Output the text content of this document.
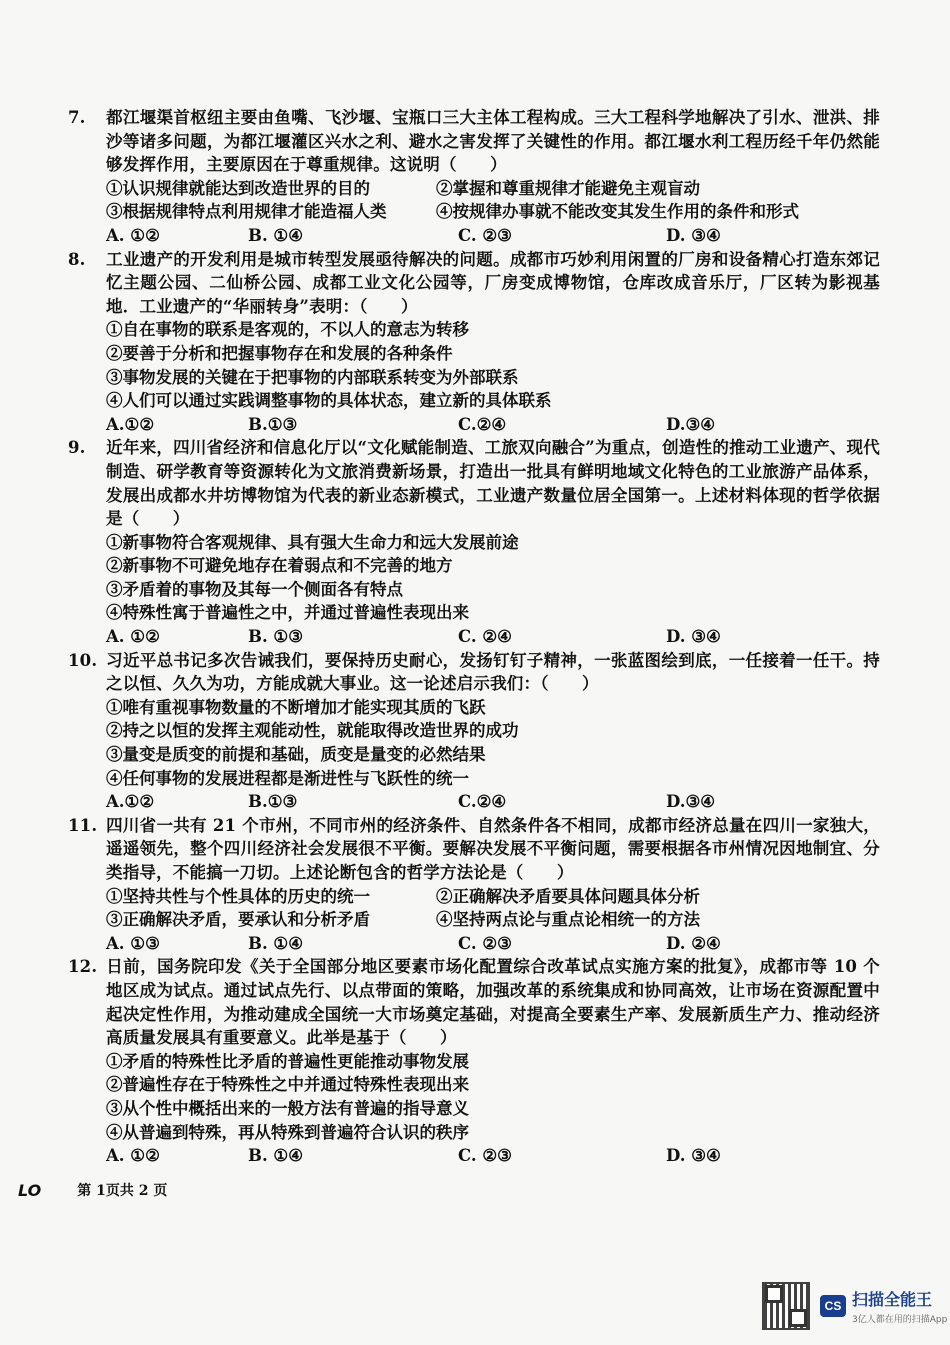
7. 都江堰渠首枢纽主要由鱼嘴、飞沙堰、宝瓶口三大主体工程构成。三大工程科学地解决了引水、泄洪、排沙等诸多问题，为都江堰灌区兴水之利、避水之害发挥了关键性的作用。都江堰水利工程历经千年仍然能够发挥作用，主要原因在于尊重规律。这说明（　　）
①认识规律就能达到改造世界的目的	②掌握和尊重规律才能避免主观盲动
③根据规律特点利用规律才能造福人类	④按规律办事就不能改变其发生作用的条件和形式
A. ①②	B. ①④	C. ②③	D. ③④
8. 工业遗产的开发利用是城市转型发展亟待解决的问题。成都市巧妙利用闲置的厂房和设备精心打造东郊记忆主题公园、二仙桥公园、成都工业文化公园等，厂房变成博物馆，仓库改成音乐厅，厂区转为影视基地．工业遗产的“华丽转身”表明：（　　）
①自在事物的联系是客观的，不以人的意志为转移
②要善于分析和把握事物存在和发展的各种条件
③事物发展的关键在于把事物的内部联系转变为外部联系
④人们可以通过实践调整事物的具体状态，建立新的具体联系
A.①②	B.①③	C.②④	D.③④
9. 近年来，四川省经济和信息化厅以“文化赋能制造、工旅双向融合”为重点，创造性的推动工业遗产、现代制造、研学教育等资源转化为文旅消费新场景，打造出一批具有鲜明地域文化特色的工业旅游产品体系，发展出成都水井坊博物馆为代表的新业态新模式，工业遗产数量位居全国第一。上述材料体现的哲学依据是（　　）
①新事物符合客观规律、具有强大生命力和远大发展前途
②新事物不可避免地存在着弱点和不完善的地方
③矛盾着的事物及其每一个侧面各有特点
④特殊性寓于普遍性之中，并通过普遍性表现出来
A. ①②	B. ①③	C. ②④	D. ③④
10. 习近平总书记多次告诫我们，要保持历史耐心，发扬钉钉子精神，一张蓝图绘到底，一任接着一任干。持之以恒、久久为功，方能成就大事业。这一论述启示我们：（　　）
①唯有重视事物数量的不断增加才能实现其质的飞跃
②持之以恒的发挥主观能动性，就能取得改造世界的成功
③量变是质变的前提和基础，质变是量变的必然结果
④任何事物的发展进程都是渐进性与飞跃性的统一
A.①②	B.①③	C.②④	D.③④
11. 四川省一共有 21 个市州，不同市州的经济条件、自然条件各不相同，成都市经济总量在四川一家独大，遥遥领先，整个四川经济社会发展很不平衡。要解决发展不平衡问题，需要根据各市州情况因地制宜、分类指导，不能搞一刀切。上述论断包含的哲学方法论是（　　）
①坚持共性与个性具体的历史的统一	②正确解决矛盾要具体问题具体分析
③正确解决矛盾，要承认和分析矛盾	④坚持两点论与重点论相统一的方法
A. ①③	B. ①④	C. ②③	D. ②④
12. 日前，国务院印发《关于全国部分地区要素市场化配置综合改革试点实施方案的批复》，成都市等 10 个地区成为试点。通过试点先行、以点带面的策略，加强改革的系统集成和协同高效，让市场在资源配置中起决定性作用，为推动建成全国统一大市场奠定基础，对提高全要素生产率、发展新质生产力、推动经济高质量发展具有重要意义。此举是基于（　　）
①矛盾的特殊性比矛盾的普遍性更能推动事物发展
②普遍性存在于特殊性之中并通过特殊性表现出来
③从个性中概括出来的一般方法有普遍的指导意义
④从普遍到特殊，再从特殊到普遍符合认识的秩序
A. ①②	B. ①④	C. ②③	D. ③④
LO	第 1页共 2 页
CS 扫描全能王
3亿人都在用的扫描App
